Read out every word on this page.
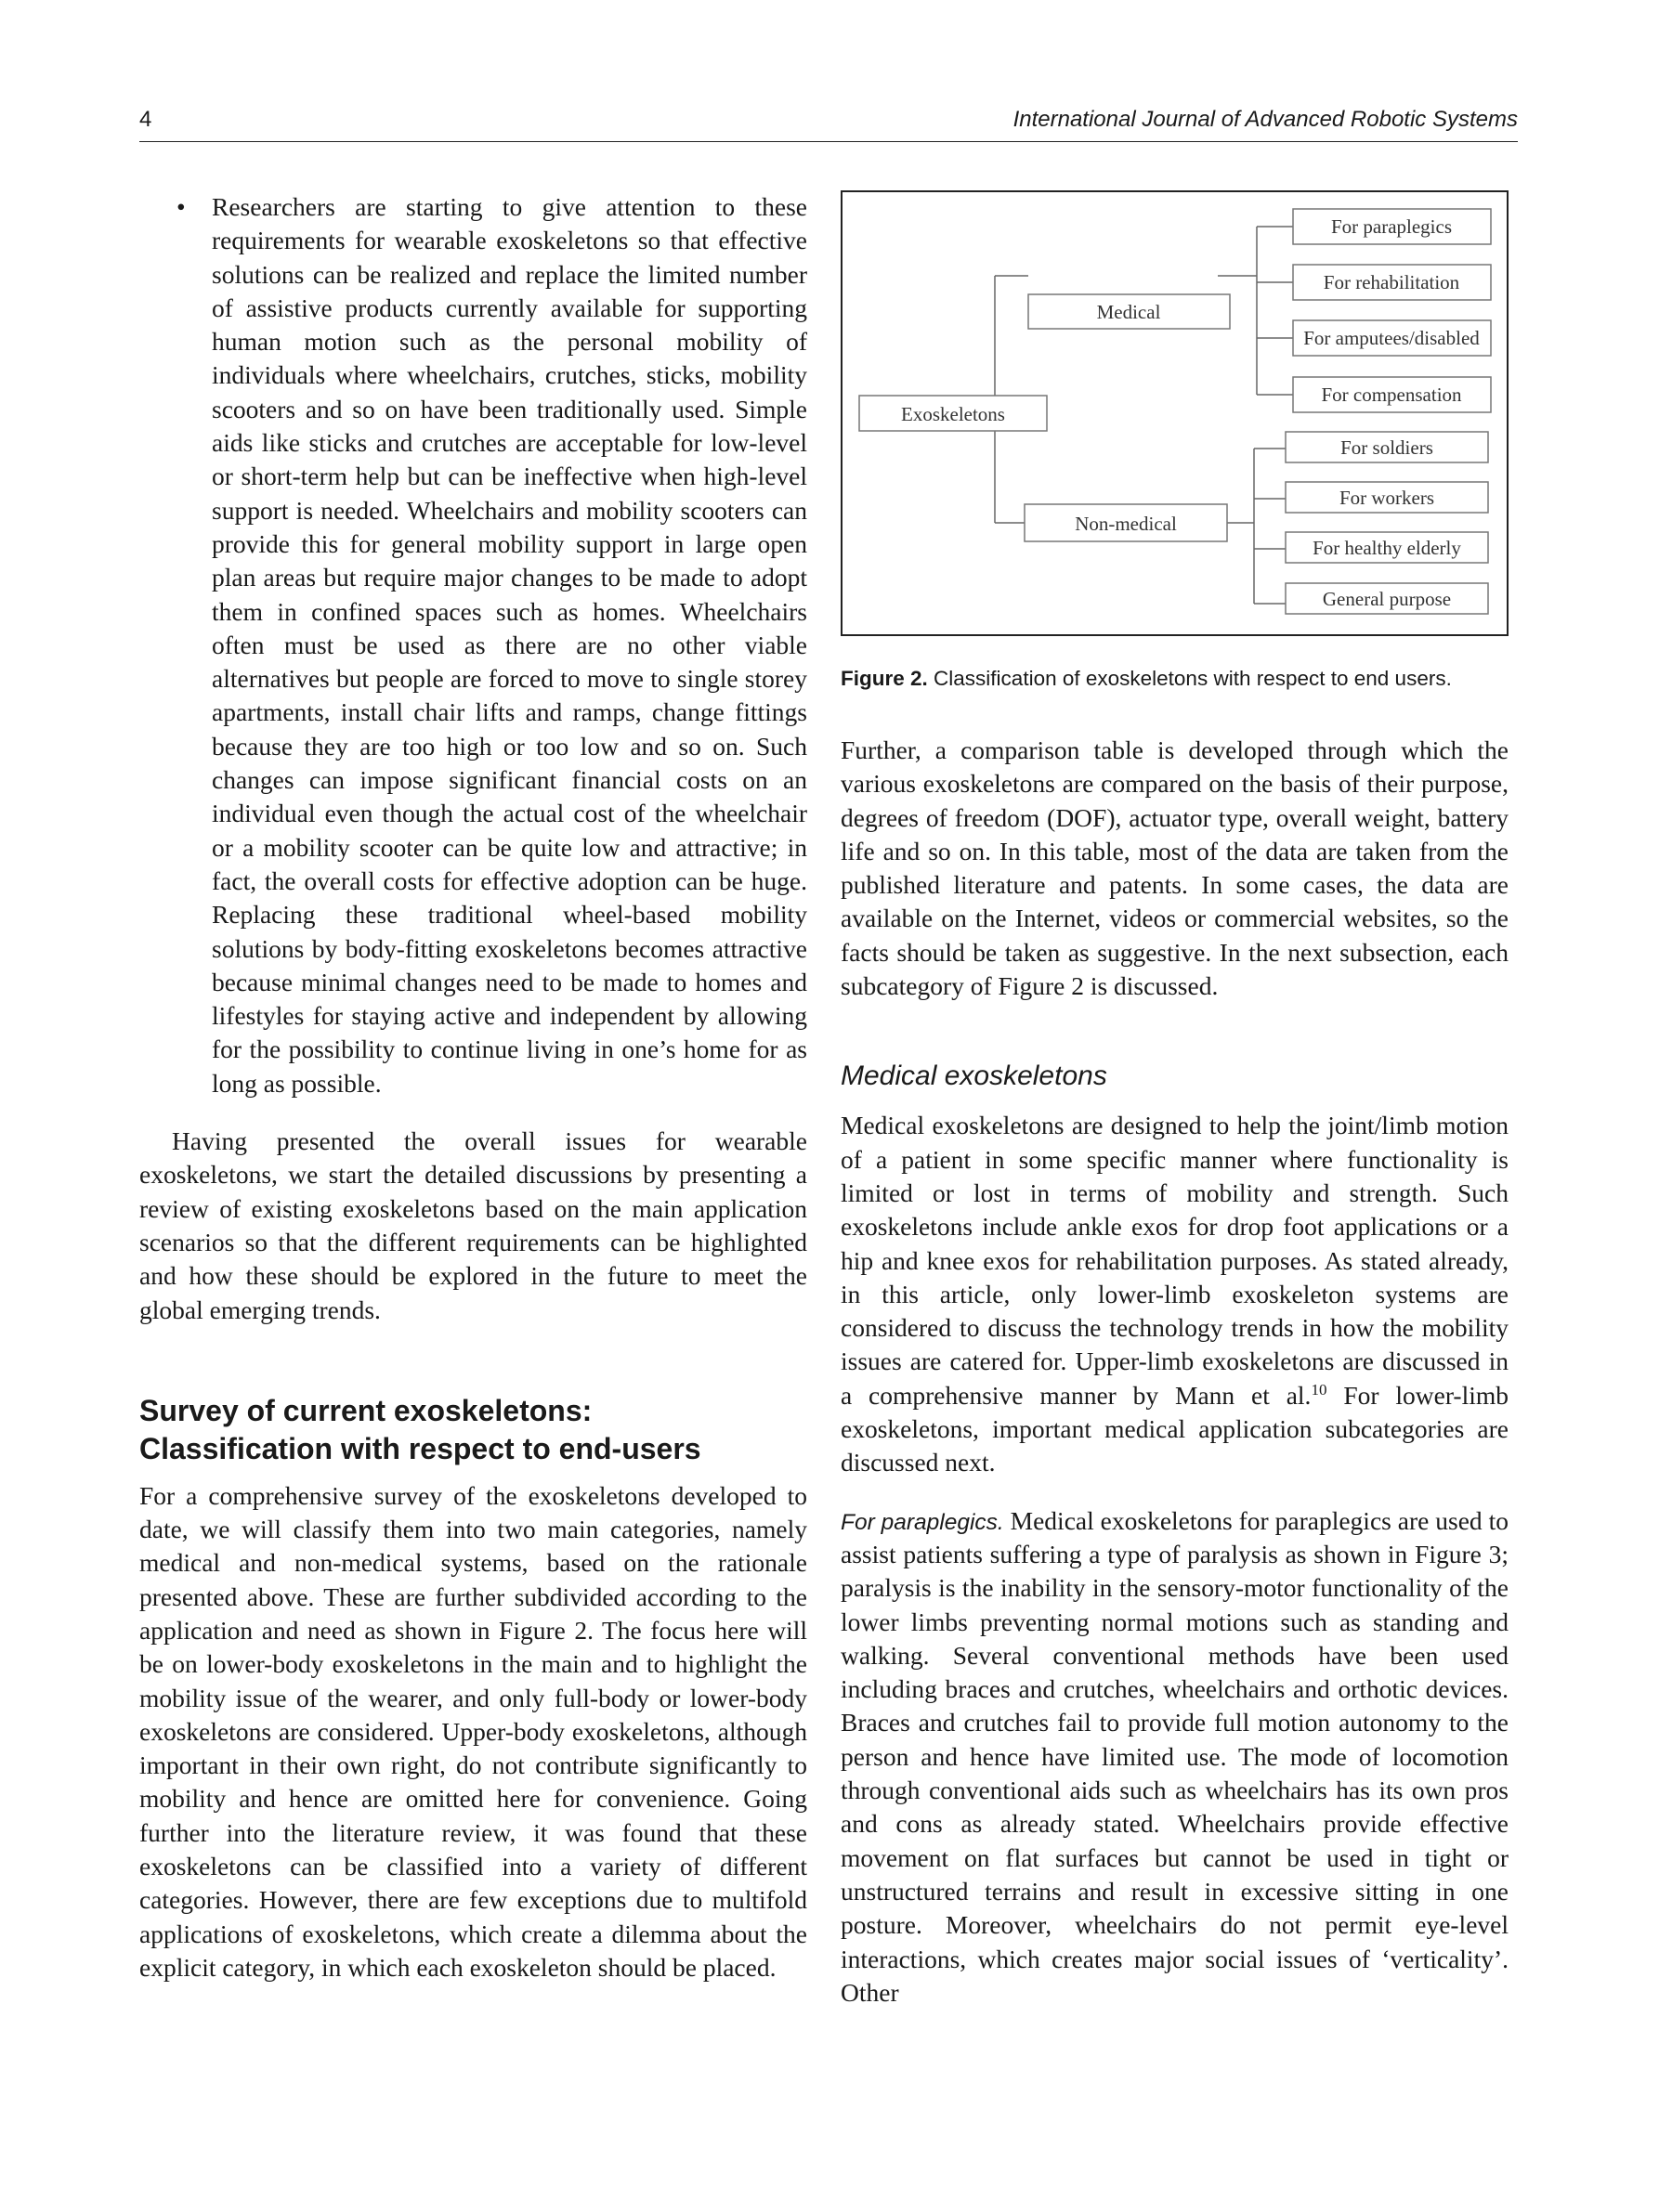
4	International Journal of Advanced Robotic Systems

• Researchers are starting to give attention to these requirements for wearable exoskeletons so that effective solutions can be realized and replace the limited number of assistive products currently available for supporting human motion such as the personal mobility of individuals where wheelchairs, crutches, sticks, mobility scooters and so on have been traditionally used. Simple aids like sticks and crutches are acceptable for low-level or short-term help but can be ineffective when high-level support is needed. Wheelchairs and mobility scooters can provide this for general mobility support in large open plan areas but require major changes to be made to adopt them in confined spaces such as homes. Wheelchairs often must be used as there are no other viable alternatives but people are forced to move to single storey apartments, install chair lifts and ramps, change fittings because they are too high or too low and so on. Such changes can impose significant financial costs on an individual even though the actual cost of the wheelchair or a mobility scooter can be quite low and attractive; in fact, the overall costs for effective adoption can be huge. Replacing these traditional wheel-based mobility solutions by body-fitting exoskeletons becomes attractive because minimal changes need to be made to homes and lifestyles for staying active and independent by allowing for the possibility to continue living in one’s home for as long as possible.

Having presented the overall issues for wearable exoskeletons, we start the detailed discussions by presenting a review of existing exoskeletons based on the main application scenarios so that the different requirements can be highlighted and how these should be explored in the future to meet the global emerging trends.

Survey of current exoskeletons:
Classification with respect to end-users

For a comprehensive survey of the exoskeletons developed to date, we will classify them into two main categories, namely medical and non-medical systems, based on the rationale presented above. These are further subdivided according to the application and need as shown in Figure 2. The focus here will be on lower-body exoskeletons in the main and to highlight the mobility issue of the wearer, and only full-body or lower-body exoskeletons are considered. Upper-body exoskeletons, although important in their own right, do not contribute significantly to mobility and hence are omitted here for convenience. Going further into the literature review, it was found that these exoskeletons can be classified into a variety of different categories. However, there are few exceptions due to multifold applications of exoskeletons, which create a dilemma about the explicit category, in which each exoskeleton should be placed.

Exoskeletons
Medical
Non-medical
For paraplegics
For rehabilitation
For amputees/disabled
For compensation
For soldiers
For workers
For healthy elderly
General purpose

Figure 2. Classification of exoskeletons with respect to end users.

Further, a comparison table is developed through which the various exoskeletons are compared on the basis of their purpose, degrees of freedom (DOF), actuator type, overall weight, battery life and so on. In this table, most of the data are taken from the published literature and patents. In some cases, the data are available on the Internet, videos or commercial websites, so the facts should be taken as suggestive. In the next subsection, each subcategory of Figure 2 is discussed.

Medical exoskeletons

Medical exoskeletons are designed to help the joint/limb motion of a patient in some specific manner where functionality is limited or lost in terms of mobility and strength. Such exoskeletons include ankle exos for drop foot applications or a hip and knee exos for rehabilitation purposes. As stated already, in this article, only lower-limb exoskeleton systems are considered to discuss the technology trends in how the mobility issues are catered for. Upper-limb exoskeletons are discussed in a comprehensive manner by Mann et al.$^{10}$ For lower-limb exoskeletons, important medical application subcategories are discussed next.

For paraplegics. Medical exoskeletons for paraplegics are used to assist patients suffering a type of paralysis as shown in Figure 3; paralysis is the inability in the sensory-motor functionality of the lower limbs preventing normal motions such as standing and walking. Several conventional methods have been used including braces and crutches, wheelchairs and orthotic devices. Braces and crutches fail to provide full motion autonomy to the person and hence have limited use. The mode of locomotion through conventional aids such as wheelchairs has its own pros and cons as already stated. Wheelchairs provide effective movement on flat surfaces but cannot be used in tight or unstructured terrains and result in excessive sitting in one posture. Moreover, wheelchairs do not permit eye-level interactions, which creates major social issues of ‘verticality’. Other
